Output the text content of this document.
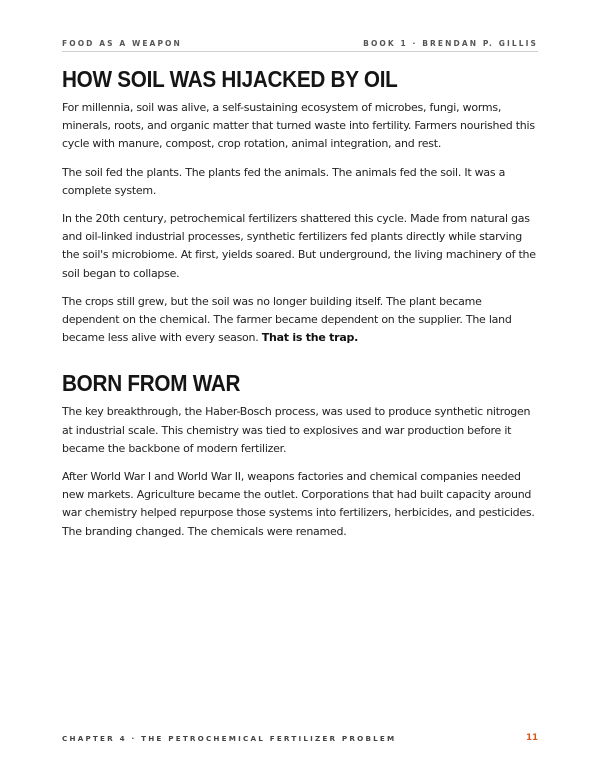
FOOD AS A WEAPON	BOOK 1 · BRENDAN P. GILLIS
HOW SOIL WAS HIJACKED BY OIL

For millennia, soil was alive, a self-sustaining ecosystem of microbes, fungi, worms, minerals, roots, and organic matter that turned waste into fertility. Farmers nourished this cycle with manure, compost, crop rotation, animal integration, and rest.

The soil fed the plants. The plants fed the animals. The animals fed the soil. It was a complete system.

In the 20th century, petrochemical fertilizers shattered this cycle. Made from natural gas and oil-linked industrial processes, synthetic fertilizers fed plants directly while starving the soil's microbiome. At first, yields soared. But underground, the living machinery of the soil began to collapse.

The crops still grew, but the soil was no longer building itself. The plant became dependent on the chemical. The farmer became dependent on the supplier. The land became less alive with every season. That is the trap.

BORN FROM WAR

The key breakthrough, the Haber-Bosch process, was used to produce synthetic nitrogen at industrial scale. This chemistry was tied to explosives and war production before it became the backbone of modern fertilizer.

After World War I and World War II, weapons factories and chemical companies needed new markets. Agriculture became the outlet. Corporations that had built capacity around war chemistry helped repurpose those systems into fertilizers, herbicides, and pesticides. The branding changed. The chemicals were renamed.

CHAPTER 4 · THE PETROCHEMICAL FERTILIZER PROBLEM	11
